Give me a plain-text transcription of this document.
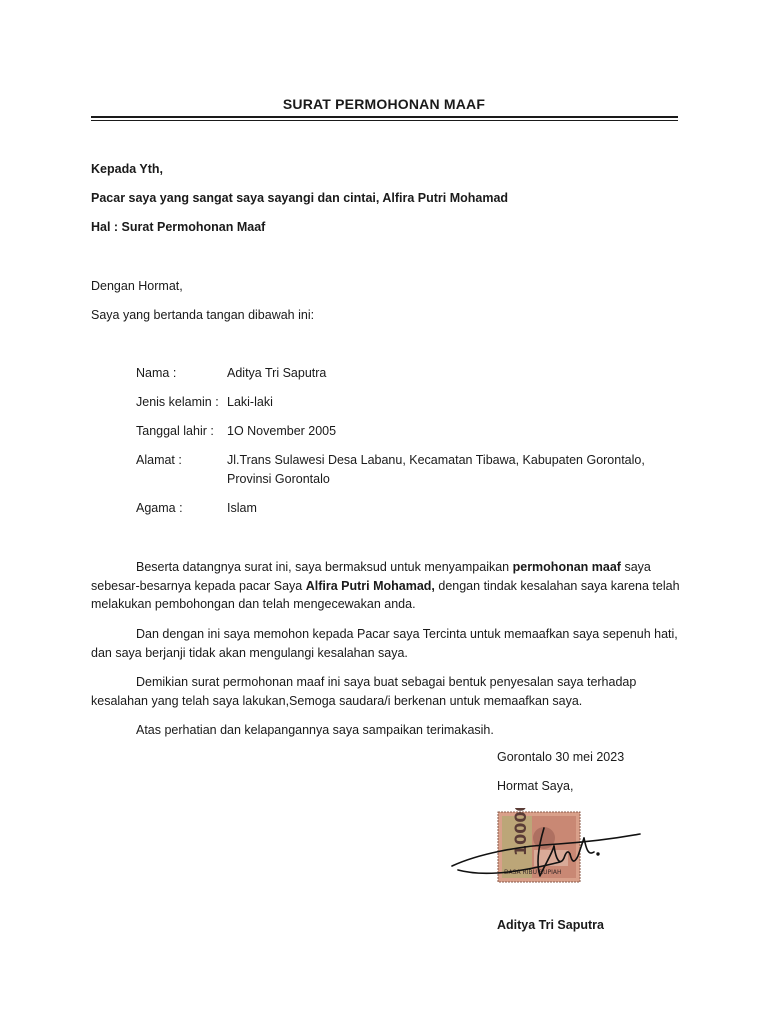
SURAT PERMOHONAN MAAF
Kepada Yth,
Pacar saya yang sangat saya sayangi dan cintai, Alfira Putri Mohamad
Hal : Surat Permohonan Maaf
Dengan Hormat,
Saya yang bertanda tangan dibawah ini:
Nama :	Aditya Tri Saputra
Jenis kelamin : Laki-laki
Tanggal lahir : 1O November 2005
Alamat :	Jl.Trans Sulawesi Desa Labanu, Kecamatan Tibawa, Kabupaten Gorontalo,
Provinsi Gorontalo
Agama :	Islam
Beserta datangnya surat ini, saya bermaksud untuk menyampaikan permohonan maaf saya
sebesar-besarnya kepada pacar Saya Alfira Putri Mohamad, dengan tindak kesalahan saya karena telah
melakukan pembohongan dan telah mengecewakan anda.
Dan dengan ini saya memohon kepada Pacar saya Tercinta untuk memaafkan saya sepenuh hati,
dan saya berjanji tidak akan mengulangi kesalahan saya.
Demikian surat permohonan maaf ini saya buat sebagai bentuk penyesalan saya terhadap
kesalahan yang telah saya lakukan,Semoga saudara/i berkenan untuk memaafkan saya.
Atas perhatian dan kelapangannya saya sampaikan terimakasih.
Gorontalo 30 mei 2023
Hormat Saya,
10000
DASA RIBU RUPIAH
Aditya Tri Saputra
